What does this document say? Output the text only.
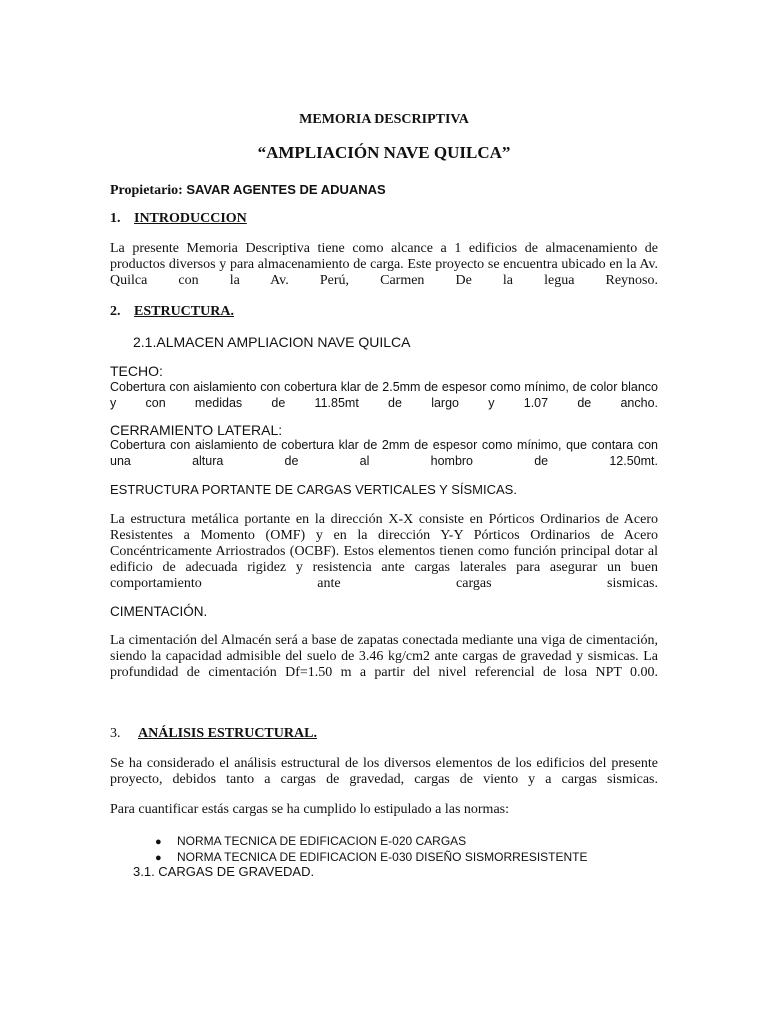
MEMORIA DESCRIPTIVA

“AMPLIACIÓN NAVE QUILCA”

Propietario: SAVAR AGENTES DE ADUANAS

1. INTRODUCCION

La presente Memoria Descriptiva tiene como alcance a 1 edificios de almacenamiento de productos diversos y para almacenamiento de carga. Este proyecto se encuentra ubicado en la Av. Quilca con la Av. Perú, Carmen De la legua Reynoso.

2. ESTRUCTURA.

2.1.ALMACEN AMPLIACION NAVE QUILCA

TECHO:

Cobertura con aislamiento con cobertura klar de 2.5mm de espesor como mínimo, de color blanco y con medidas de 11.85mt de largo y 1.07 de ancho.

CERRAMIENTO LATERAL:

Cobertura con aislamiento de cobertura klar de 2mm de espesor como mínimo, que contara con una altura de al hombro de 12.50mt.

ESTRUCTURA PORTANTE DE CARGAS VERTICALES Y SÍSMICAS.

La estructura metálica portante en la dirección X-X consiste en Pórticos Ordinarios de Acero Resistentes a Momento (OMF) y en la dirección Y-Y Pórticos Ordinarios de Acero Concéntricamente Arriostrados (OCBF). Estos elementos tienen como función principal dotar al edificio de adecuada rigidez y resistencia ante cargas laterales para asegurar un buen comportamiento ante cargas sismicas.

CIMENTACIÓN.

La cimentación del Almacén será a base de zapatas conectada mediante una viga de cimentación, siendo la capacidad admisible del suelo de 3.46 kg/cm2 ante cargas de gravedad y sismicas. La profundidad de cimentación Df=1.50 m a partir del nivel referencial de losa NPT 0.00.

3. ANÁLISIS ESTRUCTURAL.

Se ha considerado el análisis estructural de los diversos elementos de los edificios del presente proyecto, debidos tanto a cargas de gravedad, cargas de viento y a cargas sismicas.

Para cuantificar estás cargas se ha cumplido lo estipulado a las normas:

● NORMA TECNICA DE EDIFICACION E-020 CARGAS
● NORMA TECNICA DE EDIFICACION E-030 DISEÑO SISMORRESISTENTE

3.1. CARGAS DE GRAVEDAD.
